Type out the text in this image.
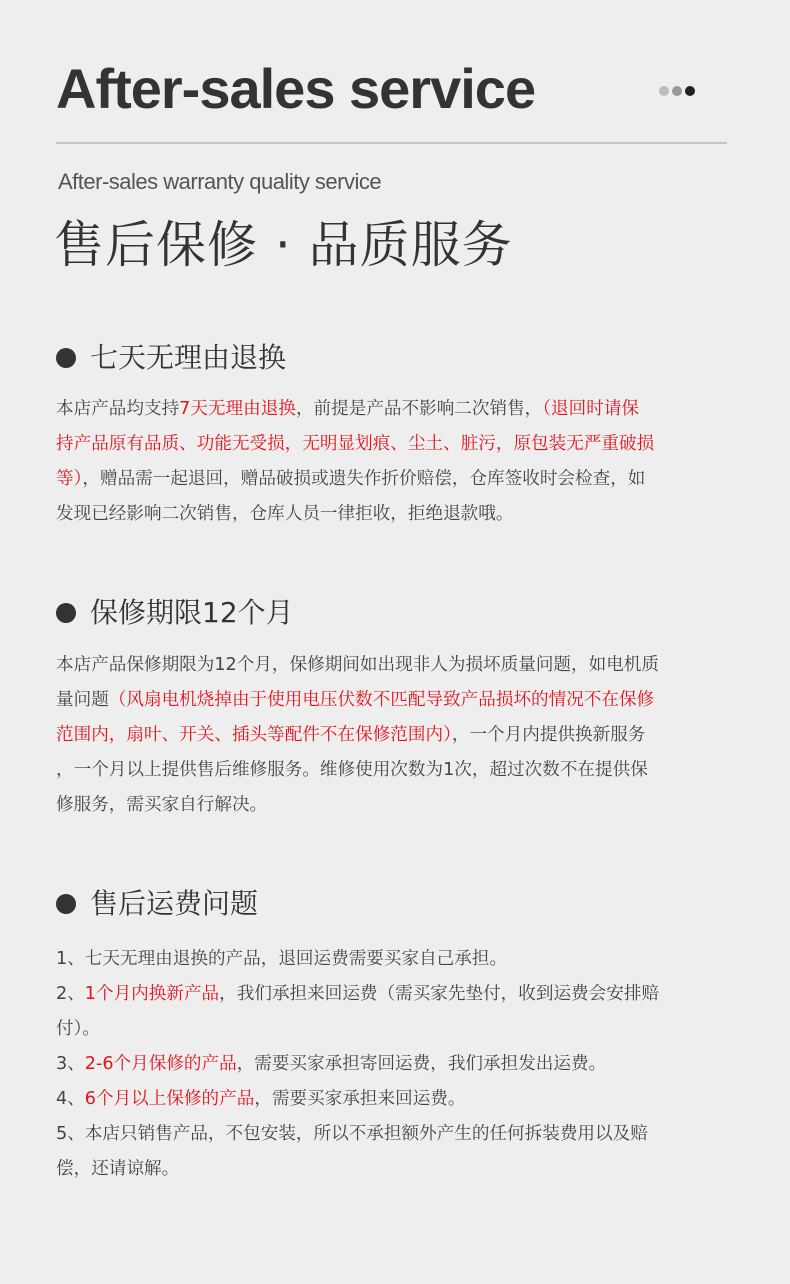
After-sales service
After-sales warranty quality service
售后保修 · 品质服务
七天无理由退换
本店产品均支持7天无理由退换，前提是产品不影响二次销售，（退回时请保
持产品原有品质、功能无受损，无明显划痕、尘土、脏污，原包装无严重破损
等），赠品需一起退回，赠品破损或遗失作折价赔偿，仓库签收时会检查，如
发现已经影响二次销售，仓库人员一律拒收，拒绝退款哦。
保修期限12个月
本店产品保修期限为12个月，保修期间如出现非人为损坏质量问题，如电机质
量问题（风扇电机烧掉由于使用电压伏数不匹配导致产品损坏的情况不在保修
范围内，扇叶、开关、插头等配件不在保修范围内），一个月内提供换新服务
，一个月以上提供售后维修服务。维修使用次数为1次，超过次数不在提供保
修服务，需买家自行解决。
售后运费问题
1、七天无理由退换的产品，退回运费需要买家自己承担。
2、1个月内换新产品，我们承担来回运费（需买家先垫付，收到运费会安排赔
付）。
3、2-6个月保修的产品，需要买家承担寄回运费，我们承担发出运费。
4、6个月以上保修的产品，需要买家承担来回运费。
5、本店只销售产品，不包安装，所以不承担额外产生的任何拆装费用以及赔
偿，还请谅解。
